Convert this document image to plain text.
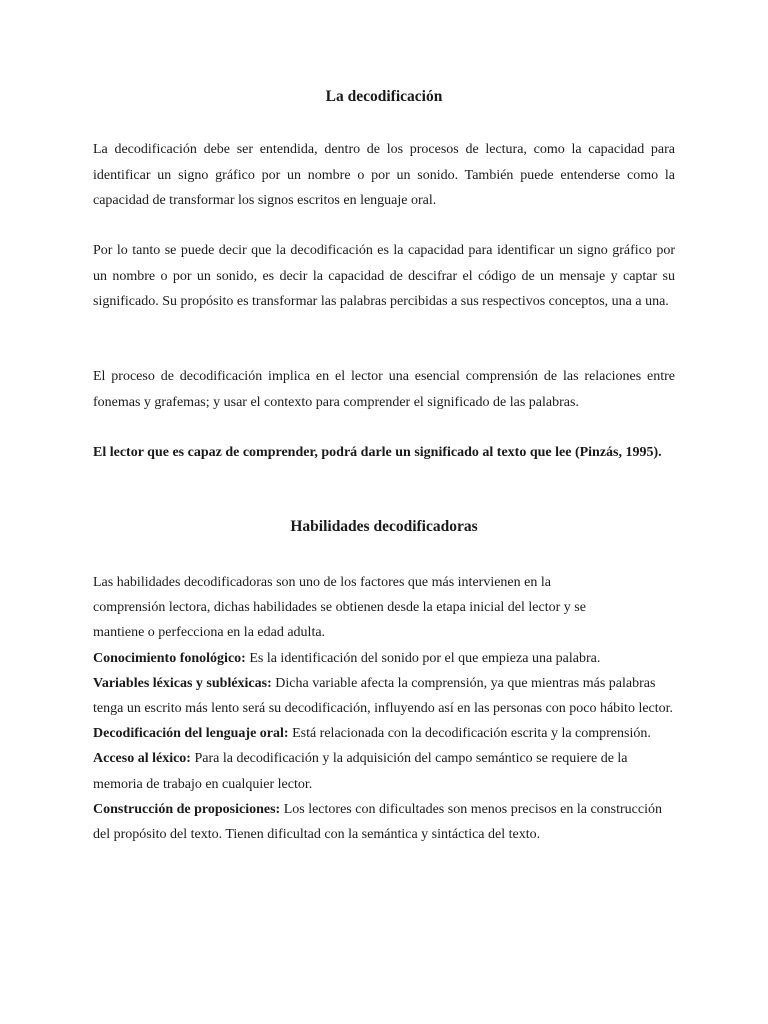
La decodificación

La decodificación debe ser entendida, dentro de los procesos de lectura, como la capacidad para identificar un signo gráfico por un nombre o por un sonido. También puede entenderse como la capacidad de transformar los signos escritos en lenguaje oral.

Por lo tanto se puede decir que la decodificación es la capacidad para identificar un signo gráfico por un nombre o por un sonido, es decir la capacidad de descifrar el código de un mensaje y captar su significado. Su propósito es transformar las palabras percibidas a sus respectivos conceptos, una a una.

El proceso de decodificación implica en el lector una esencial comprensión de las relaciones entre fonemas y grafemas; y usar el contexto para comprender el significado de las palabras.

El lector que es capaz de comprender, podrá darle un significado al texto que lee (Pinzás, 1995).

Habilidades decodificadoras

Las habilidades decodificadoras son uno de los factores que más intervienen en la comprensión lectora, dichas habilidades se obtienen desde la etapa inicial del lector y se mantiene o perfecciona en la edad adulta.

Conocimiento fonológico: Es la identificación del sonido por el que empieza una palabra.

Variables léxicas y subléxicas: Dicha variable afecta la comprensión, ya que mientras más palabras tenga un escrito más lento será su decodificación, influyendo así en las personas con poco hábito lector.

Decodificación del lenguaje oral: Está relacionada con la decodificación escrita y la comprensión.

Acceso al léxico: Para la decodificación y la adquisición del campo semántico se requiere de la memoria de trabajo en cualquier lector.

Construcción de proposiciones: Los lectores con dificultades son menos precisos en la construcción del propósito del texto. Tienen dificultad con la semántica y sintáctica del texto.
